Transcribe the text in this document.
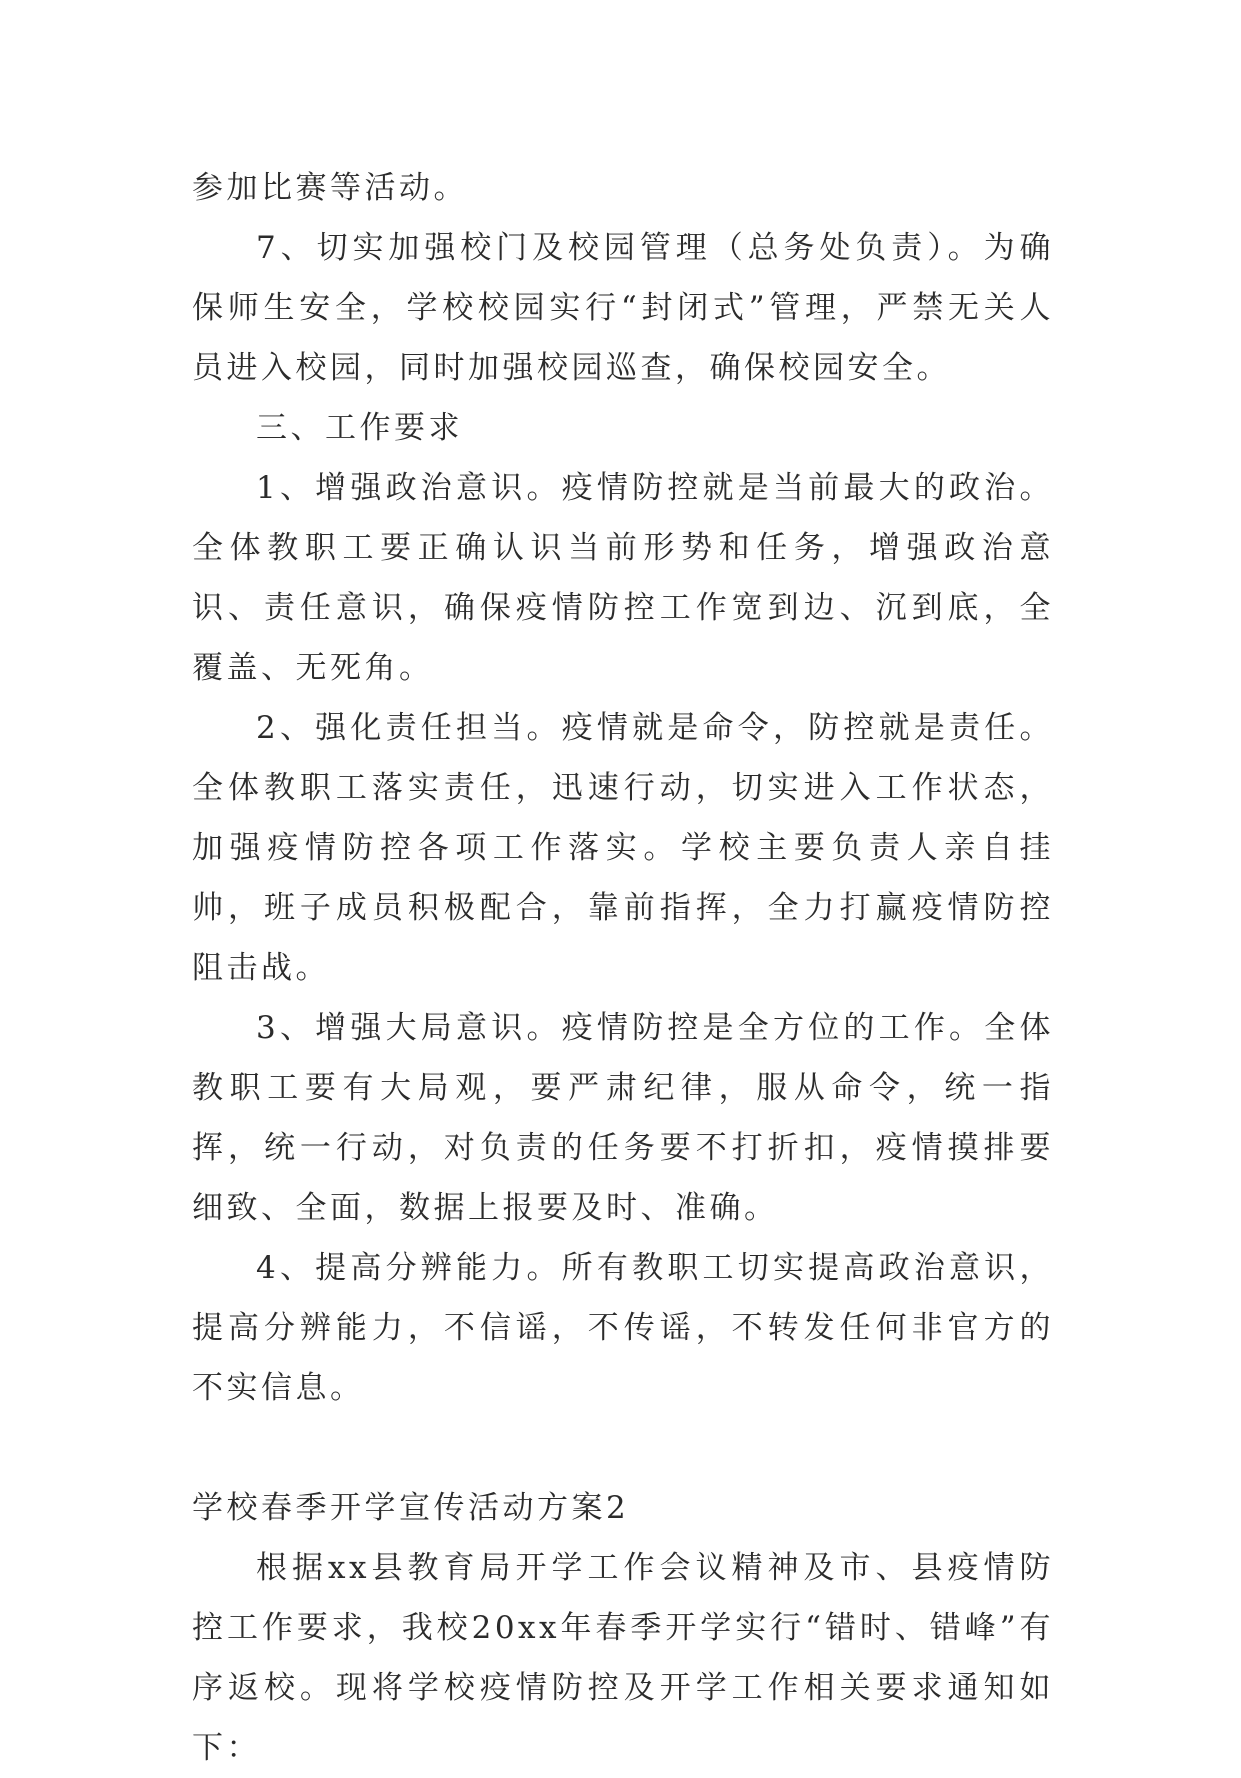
参加比赛等活动。

7、切实加强校门及校园管理（总务处负责）。为确保师生安全，学校校园实行“封闭式”管理，严禁无关人员进入校园，同时加强校园巡查，确保校园安全。

三、工作要求

1、增强政治意识。疫情防控就是当前最大的政治。全体教职工要正确认识当前形势和任务，增强政治意识、责任意识，确保疫情防控工作宽到边、沉到底，全覆盖、无死角。

2、强化责任担当。疫情就是命令，防控就是责任。全体教职工落实责任，迅速行动，切实进入工作状态，加强疫情防控各项工作落实。学校主要负责人亲自挂帅，班子成员积极配合，靠前指挥，全力打赢疫情防控阻击战。

3、增强大局意识。疫情防控是全方位的工作。全体教职工要有大局观，要严肃纪律，服从命令，统一指挥，统一行动，对负责的任务要不打折扣，疫情摸排要细致、全面，数据上报要及时、准确。

4、提高分辨能力。所有教职工切实提高政治意识，提高分辨能力，不信谣，不传谣，不转发任何非官方的不实信息。

学校春季开学宣传活动方案2

根据xx县教育局开学工作会议精神及市、县疫情防控工作要求，我校20xx年春季开学实行“错时、错峰”有序返校。现将学校疫情防控及开学工作相关要求通知如下：
